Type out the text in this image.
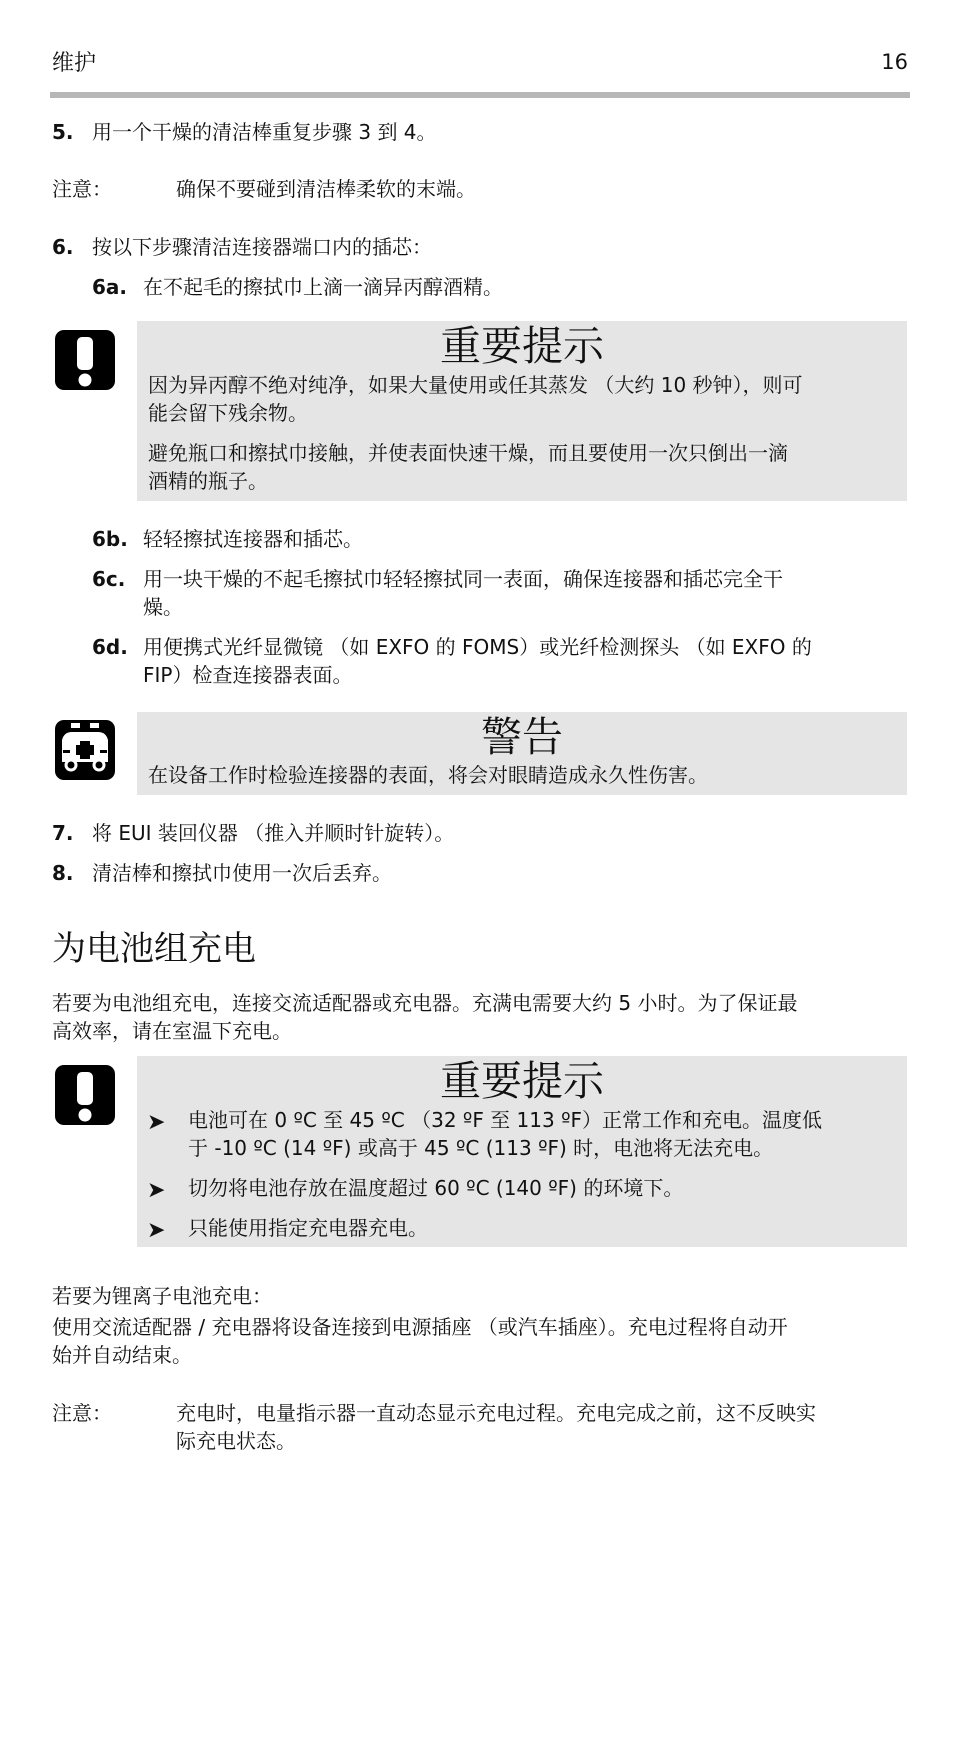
维护	16
5. 用一个干燥的清洁棒重复步骤 3 到 4。
注意：	确保不要碰到清洁棒柔软的末端。
6. 按以下步骤清洁连接器端口内的插芯：
6a. 在不起毛的擦拭巾上滴一滴异丙醇酒精。
重要提示
因为异丙醇不绝对纯净，如果大量使用或任其蒸发 （大约 10 秒钟），则可
能会留下残余物。
避免瓶口和擦拭巾接触，并使表面快速干燥，而且要使用一次只倒出一滴
酒精的瓶子。
6b. 轻轻擦拭连接器和插芯。
6c. 用一块干燥的不起毛擦拭巾轻轻擦拭同一表面，确保连接器和插芯完全干
燥。
6d. 用便携式光纤显微镜 （如 EXFO 的 FOMS）或光纤检测探头 （如 EXFO 的
FIP）检查连接器表面。
警告
在设备工作时检验连接器的表面，将会对眼睛造成永久性伤害。
7. 将 EUI 装回仪器 （推入并顺时针旋转）。
8. 清洁棒和擦拭巾使用一次后丢弃。
为电池组充电
若要为电池组充电，连接交流适配器或充电器。充满电需要大约 5 小时。为了保证最
高效率，请在室温下充电。
重要提示
➤ 电池可在 0 ºC 至 45 ºC （32 ºF 至 113 ºF）正常工作和充电。温度低
于 -10 ºC (14 ºF) 或高于 45 ºC (113 ºF) 时，电池将无法充电。
➤ 切勿将电池存放在温度超过 60 ºC (140 ºF) 的环境下。
➤ 只能使用指定充电器充电。
若要为锂离子电池充电：
使用交流适配器 / 充电器将设备连接到电源插座 （或汽车插座）。充电过程将自动开
始并自动结束。
注意：	充电时，电量指示器一直动态显示充电过程。充电完成之前，这不反映实
际充电状态。
